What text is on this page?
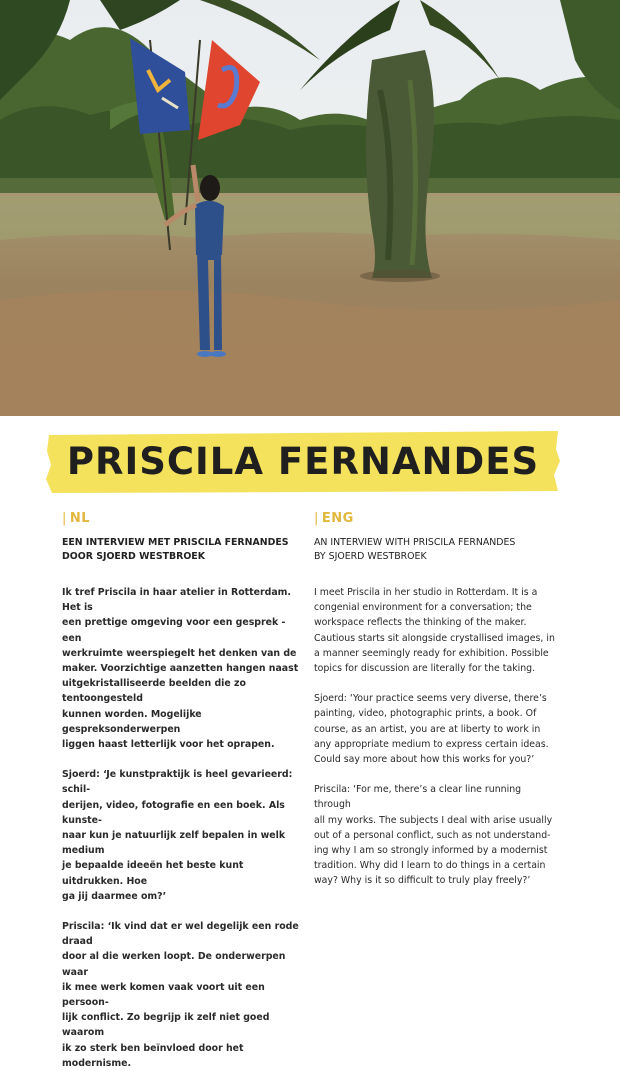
PRISCILA FERNANDES
| NL
EEN INTERVIEW MET PRISCILA FERNANDES
DOOR SJOERD WESTBROEK
Ik tref Priscila in haar atelier in Rotterdam. Het is
een prettige omgeving voor een gesprek - een
werkruimte weerspiegelt het denken van de
maker. Voorzichtige aanzetten hangen naast
uitgekristalliseerde beelden die zo tentoongesteld
kunnen worden. Mogelijke gespreksonderwerpen
liggen haast letterlijk voor het oprapen.
Sjoerd: ‘Je kunstpraktijk is heel gevarieerd: schil-
derijen, video, fotografie en een boek. Als kunste-
naar kun je natuurlijk zelf bepalen in welk medium
je bepaalde ideeën het beste kunt uitdrukken. Hoe
ga jij daarmee om?’
Priscila: ‘Ik vind dat er wel degelijk een rode draad
door al die werken loopt. De onderwerpen waar
ik mee werk komen vaak voort uit een persoon-
lijk conflict. Zo begrijp ik zelf niet goed waarom
ik zo sterk ben beïnvloed door het modernisme.
| ENG
AN INTERVIEW WITH PRISCILA FERNANDES
BY SJOERD WESTBROEK
I meet Priscila in her studio in Rotterdam. It is a
congenial environment for a conversation; the
workspace reflects the thinking of the maker.
Cautious starts sit alongside crystallised images, in
a manner seemingly ready for exhibition. Possible
topics for discussion are literally for the taking.
Sjoerd: ‘Your practice seems very diverse, there’s
painting, video, photographic prints, a book. Of
course, as an artist, you are at liberty to work in
any appropriate medium to express certain ideas.
Could say more about how this works for you?’
Priscila: ‘For me, there’s a clear line running through
all my works. The subjects I deal with arise usually
out of a personal conflict, such as not understand-
ing why I am so strongly informed by a modernist
tradition. Why did I learn to do things in a certain
way? Why is it so difficult to truly play freely?’
